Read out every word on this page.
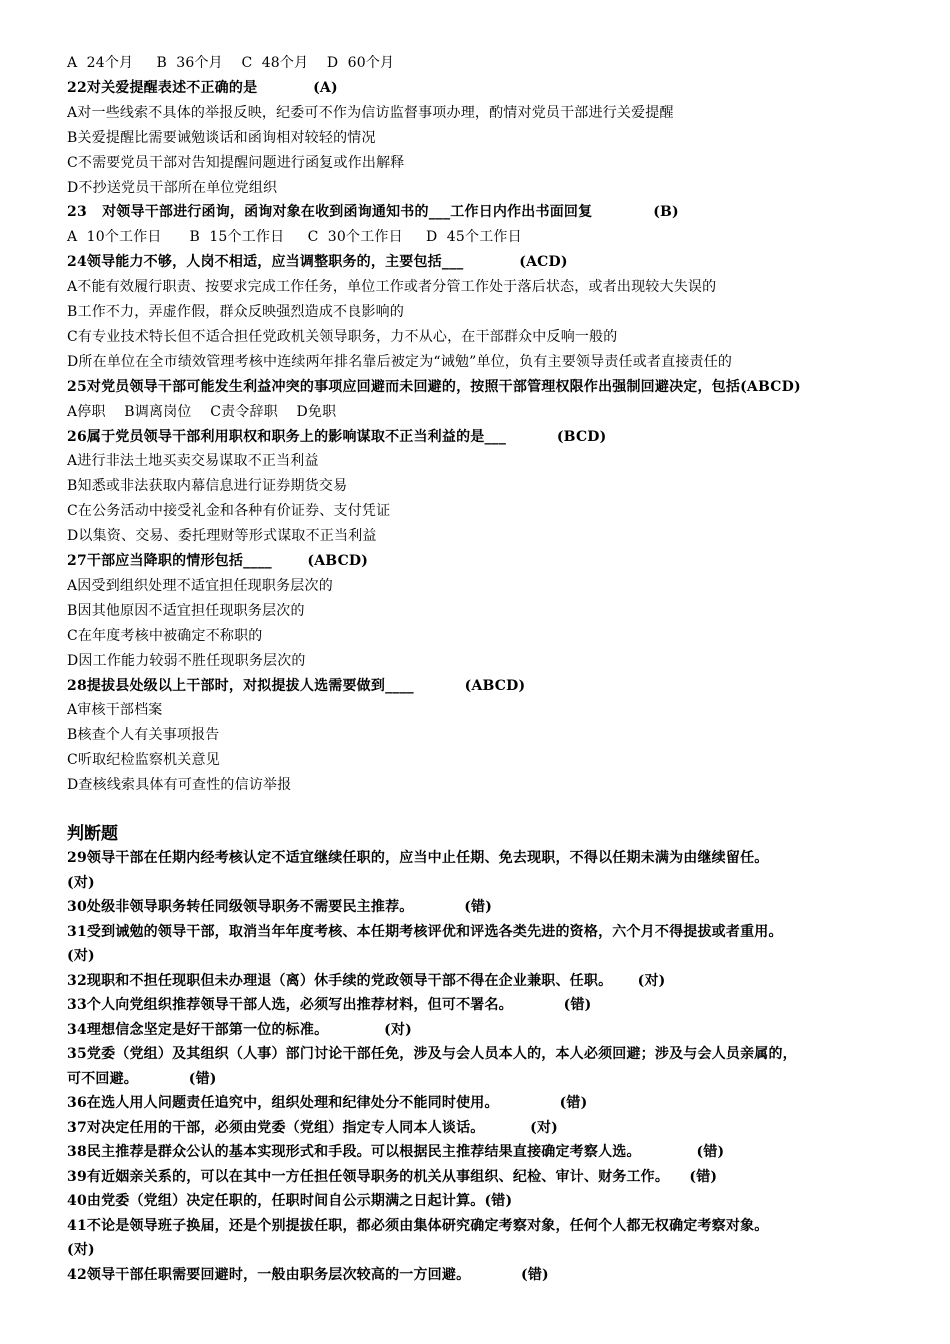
A  24个月     B  36个月    C  48个月    D  60个月
22对关爱提醒表述不正确的是           (A)
A对一些线索不具体的举报反映，纪委可不作为信访监督事项办理，酌情对党员干部进行关爱提醒
B关爱提醒比需要诫勉谈话和函询相对较轻的情况
C不需要党员干部对告知提醒问题进行函复或作出解释
D不抄送党员干部所在单位党组织
23   对领导干部进行函询，函询对象在收到函询通知书的___工作日内作出书面回复            (B)
A  10个工作日      B  15个工作日     C  30个工作日     D  45个工作日
24领导能力不够，人岗不相适，应当调整职务的，主要包括___           (ACD)
A不能有效履行职责、按要求完成工作任务，单位工作或者分管工作处于落后状态，或者出现较大失误的
B工作不力，弄虚作假，群众反映强烈造成不良影响的
C有专业技术特长但不适合担任党政机关领导职务，力不从心，在干部群众中反响一般的
D所在单位在全市绩效管理考核中连续两年排名靠后被定为“诫勉”单位，负有主要领导责任或者直接责任的
25对党员领导干部可能发生利益冲突的事项应回避而未回避的，按照干部管理权限作出强制回避决定，包括(ABCD)
A停职    B调离岗位    C责令辞职    D免职
26属于党员领导干部利用职权和职务上的影响谋取不正当利益的是___          (BCD)
A进行非法土地买卖交易谋取不正当利益
B知悉或非法获取内幕信息进行证券期货交易
C在公务活动中接受礼金和各种有价证券、支付凭证
D以集资、交易、委托理财等形式谋取不正当利益
27干部应当降职的情形包括____       (ABCD)
A因受到组织处理不适宜担任现职务层次的
B因其他原因不适宜担任现职务层次的
C在年度考核中被确定不称职的
D因工作能力较弱不胜任现职务层次的
28提拔县处级以上干部时，对拟提拔人选需要做到____          (ABCD)
A审核干部档案
B核查个人有关事项报告
C听取纪检监察机关意见
D查核线索具体有可查性的信访举报
判断题
29领导干部在任期内经考核认定不适宜继续任职的，应当中止任期、免去现职，不得以任期未满为由继续留任。
(对)
30处级非领导职务转任同级领导职务不需要民主推荐。          (错)
31受到诫勉的领导干部，取消当年年度考核、本任期考核评优和评选各类先进的资格，六个月不得提拔或者重用。
(对)
32现职和不担任现职但未办理退（离）休手续的党政领导干部不得在企业兼职、任职。     (对)
33个人向党组织推荐领导干部人选，必须写出推荐材料，但可不署名。          (错)
34理想信念坚定是好干部第一位的标准。           (对)
35党委（党组）及其组织（人事）部门讨论干部任免，涉及与会人员本人的，本人必须回避；涉及与会人员亲属的，
可不回避。          (错)
36在选人用人问题责任追究中，组织处理和纪律处分不能同时使用。            (错)
37对决定任用的干部，必须由党委（党组）指定专人同本人谈话。         (对)
38民主推荐是群众公认的基本实现形式和手段。可以根据民主推荐结果直接确定考察人选。           (错)
39有近姻亲关系的，可以在其中一方任担任领导职务的机关从事组织、纪检、审计、财务工作。    (错)
40由党委（党组）决定任职的，任职时间自公示期满之日起计算。(错)
41不论是领导班子换届，还是个别提拔任职，都必须由集体研究确定考察对象，任何个人都无权确定考察对象。
(对)
42领导干部任职需要回避时，一般由职务层次较高的一方回避。          (错)
